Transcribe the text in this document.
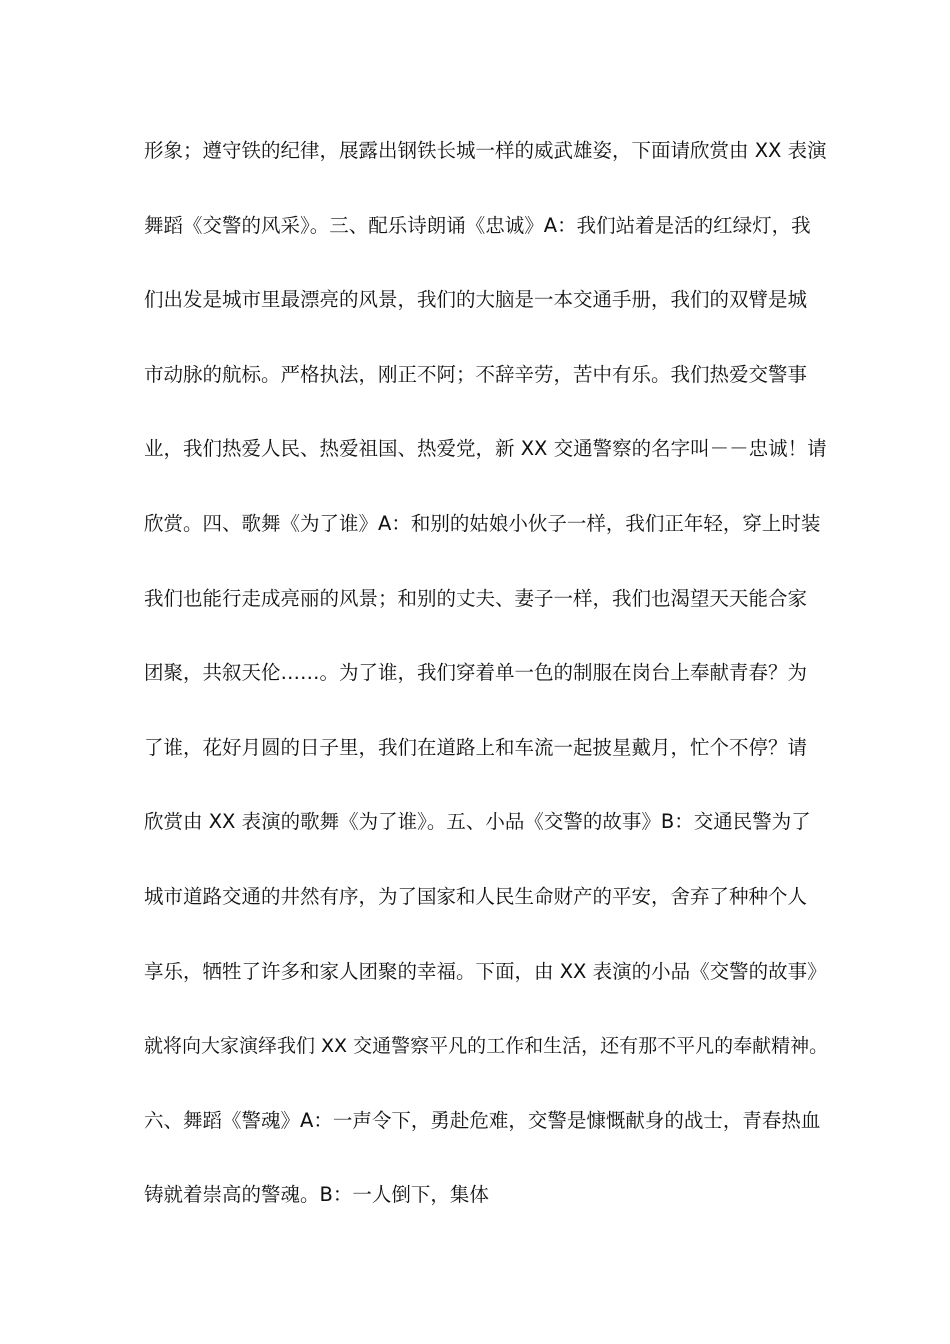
形象；遵守铁的纪律，展露出钢铁长城一样的威武雄姿，下面请欣赏由 XX 表演
舞蹈《交警的风采》。三、配乐诗朗诵《忠诚》A：我们站着是活的红绿灯，我
们出发是城市里最漂亮的风景，我们的大脑是一本交通手册，我们的双臂是城
市动脉的航标。严格执法，刚正不阿；不辞辛劳，苦中有乐。我们热爱交警事
业，我们热爱人民、热爱祖国、热爱党，新 XX 交通警察的名字叫－－忠诚！请
欣赏。四、歌舞《为了谁》A：和别的姑娘小伙子一样，我们正年轻，穿上时装
我们也能行走成亮丽的风景；和别的丈夫、妻子一样，我们也渴望天天能合家
团聚，共叙天伦……。为了谁，我们穿着单一色的制服在岗台上奉献青春？为
了谁，花好月圆的日子里，我们在道路上和车流一起披星戴月，忙个不停？请
欣赏由 XX 表演的歌舞《为了谁》。五、小品《交警的故事》B：交通民警为了
城市道路交通的井然有序，为了国家和人民生命财产的平安，舍弃了种种个人
享乐，牺牲了许多和家人团聚的幸福。下面，由 XX 表演的小品《交警的故事》
就将向大家演绎我们 XX 交通警察平凡的工作和生活，还有那不平凡的奉献精神。
六、舞蹈《警魂》A：一声令下，勇赴危难，交警是慷慨献身的战士，青春热血
铸就着崇高的警魂。B：一人倒下，集体
